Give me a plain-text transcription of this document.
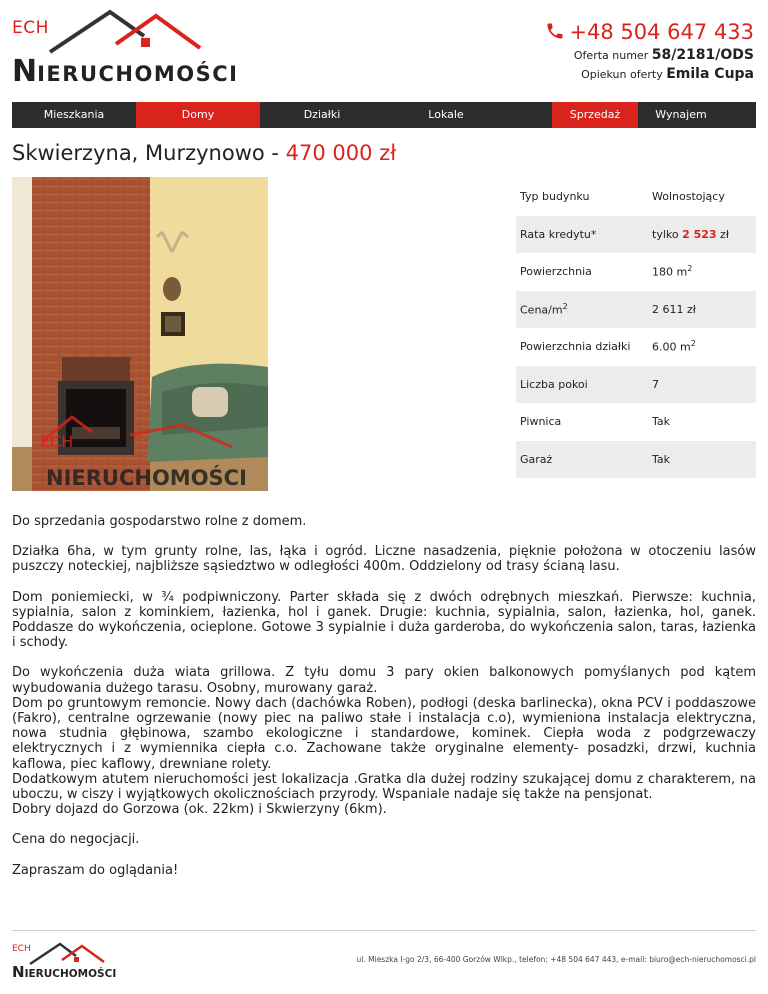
ECH
NIERUCHOMOŚCI
+48 504 647 433
Oferta numer 58/2181/ODS
Opiekun oferty Emila Cupa
Mieszkania	Domy	Działki	Lokale	Sprzedaż	Wynajem
Skwierzyna, Murzynowo - 470 000 zł
ECH
NIERUCHOMOŚCI
Typ budynku	Wolnostojący
Rata kredytu*	tylko 2 523 zł
Powierzchnia	180 $m^2$
Cena/$m^2$	2 611 zł
Powierzchnia działki	6.00 $m^2$
Liczba pokoi	7
Piwnica	Tak
Garaż	Tak

Do sprzedania gospodarstwo rolne z domem.

Działka 6ha, w tym grunty rolne, las, łąka i ogród. Liczne nasadzenia, pięknie położona w otoczeniu lasów puszczy noteckiej, najbliższe sąsiedztwo w odległości 400m. Oddzielony od trasy ścianą lasu.

Dom poniemiecki, w ¾ podpiwniczony. Parter składa się z dwóch odrębnych mieszkań. Pierwsze: kuchnia, sypialnia, salon z kominkiem, łazienka, hol i ganek. Drugie: kuchnia, sypialnia, salon, łazienka, hol, ganek. Poddasze do wykończenia, ocieplone. Gotowe 3 sypialnie i duża garderoba, do wykończenia salon, taras, łazienka i schody.

Do wykończenia duża wiata grillowa. Z tyłu domu 3 pary okien balkonowych pomyślanych pod kątem wybudowania dużego tarasu. Osobny, murowany garaż.
Dom po gruntowym remoncie. Nowy dach (dachówka Roben), podłogi (deska barlinecka), okna PCV i poddaszowe (Fakro), centralne ogrzewanie (nowy piec na paliwo stałe i instalacja c.o), wymieniona instalacja elektryczna, nowa studnia głębinowa, szambo ekologiczne i standardowe, kominek. Ciepła woda z podgrzewaczy elektrycznych i z wymiennika ciepła c.o. Zachowane także oryginalne elementy- posadzki, drzwi, kuchnia kaflowa, piec kaflowy, drewniane rolety.
Dodatkowym atutem nieruchomości jest lokalizacja .Gratka dla dużej rodziny szukającej domu z charakterem, na uboczu, w ciszy i wyjątkowych okolicznościach przyrody. Wspaniale nadaje się także na pensjonat.
Dobry dojazd do Gorzowa (ok. 22km) i Skwierzyny (6km).

Cena do negocjacji.

Zapraszam do oglądania!

ECH
NIERUCHOMOŚCI
ul. Mieszka I-go 2/3, 66-400 Gorzów Wlkp., telefon: +48 504 647 443, e-mail: biuro@ech-nieruchomosci.pl
